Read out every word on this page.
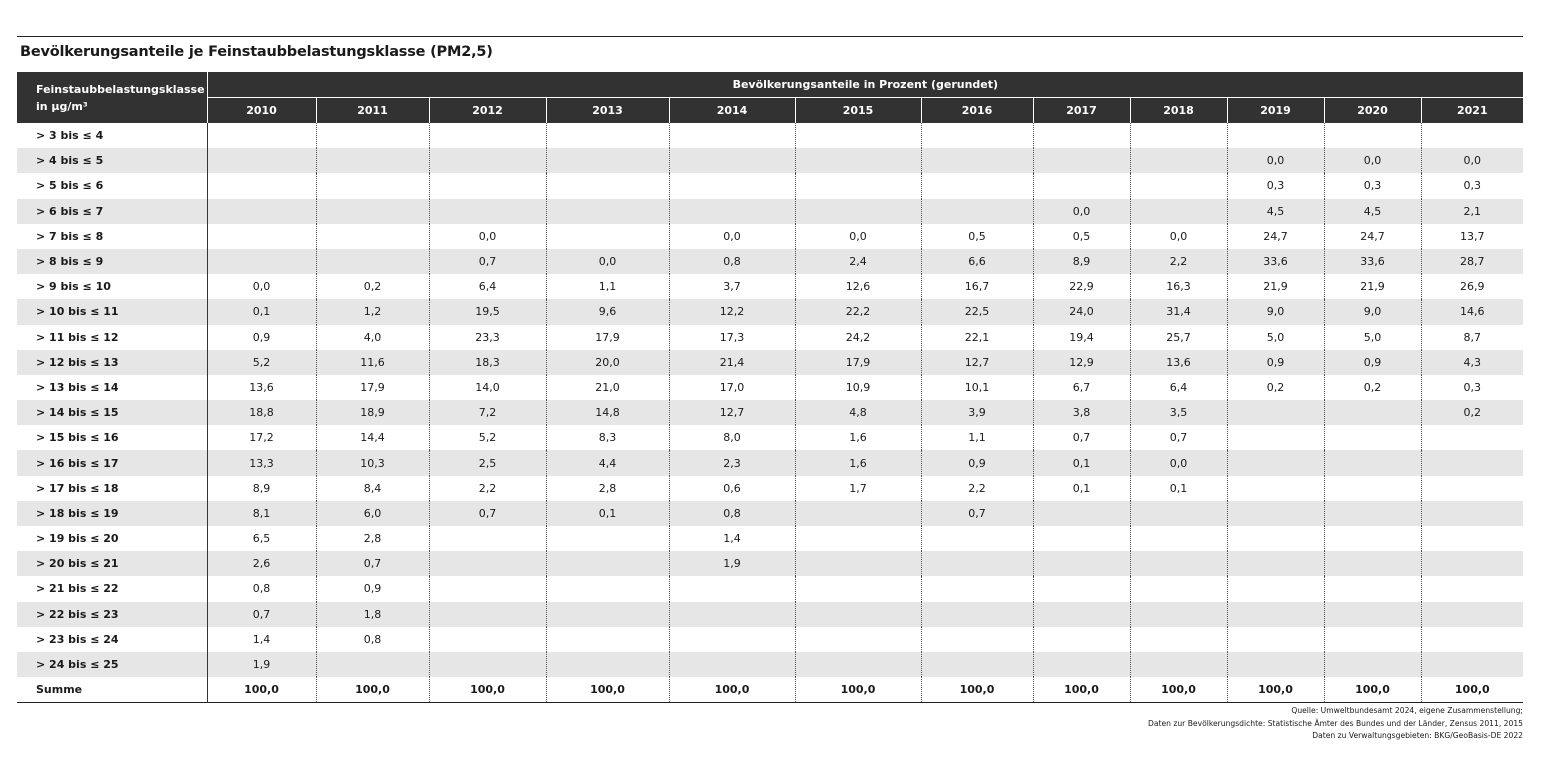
Bevölkerungsanteile je Feinstaubbelastungsklasse (PM2,5)
Feinstaubbelastungsklasse
in µg/m³	Bevölkerungsanteile in Prozent (gerundet)											
	2010	2011	2012	2013	2014	2015	2016	2017	2018	2019	2020	2021
> 3 bis ≤ 4												
> 4 bis ≤ 5										0,0	0,0	0,0
> 5 bis ≤ 6										0,3	0,3	0,3
> 6 bis ≤ 7								0,0		4,5	4,5	2,1
> 7 bis ≤ 8			0,0		0,0	0,0	0,5	0,5	0,0	24,7	24,7	13,7
> 8 bis ≤ 9			0,7	0,0	0,8	2,4	6,6	8,9	2,2	33,6	33,6	28,7
> 9 bis ≤ 10	0,0	0,2	6,4	1,1	3,7	12,6	16,7	22,9	16,3	21,9	21,9	26,9
> 10 bis ≤ 11	0,1	1,2	19,5	9,6	12,2	22,2	22,5	24,0	31,4	9,0	9,0	14,6
> 11 bis ≤ 12	0,9	4,0	23,3	17,9	17,3	24,2	22,1	19,4	25,7	5,0	5,0	8,7
> 12 bis ≤ 13	5,2	11,6	18,3	20,0	21,4	17,9	12,7	12,9	13,6	0,9	0,9	4,3
> 13 bis ≤ 14	13,6	17,9	14,0	21,0	17,0	10,9	10,1	6,7	6,4	0,2	0,2	0,3
> 14 bis ≤ 15	18,8	18,9	7,2	14,8	12,7	4,8	3,9	3,8	3,5			0,2
> 15 bis ≤ 16	17,2	14,4	5,2	8,3	8,0	1,6	1,1	0,7	0,7			
> 16 bis ≤ 17	13,3	10,3	2,5	4,4	2,3	1,6	0,9	0,1	0,0			
> 17 bis ≤ 18	8,9	8,4	2,2	2,8	0,6	1,7	2,2	0,1	0,1			
> 18 bis ≤ 19	8,1	6,0	0,7	0,1	0,8		0,7					
> 19 bis ≤ 20	6,5	2,8			1,4							
> 20 bis ≤ 21	2,6	0,7			1,9							
> 21 bis ≤ 22	0,8	0,9										
> 22 bis ≤ 23	0,7	1,8										
> 23 bis ≤ 24	1,4	0,8										
> 24 bis ≤ 25	1,9											
Summe	100,0	100,0	100,0	100,0	100,0	100,0	100,0	100,0	100,0	100,0	100,0	100,0
Quelle: Umweltbundesamt 2024, eigene Zusammenstellung;
Daten zur Bevölkerungsdichte: Statistische Ämter des Bundes und der Länder, Zensus 2011, 2015
Daten zu Verwaltungsgebieten: BKG/GeoBasis-DE 2022
